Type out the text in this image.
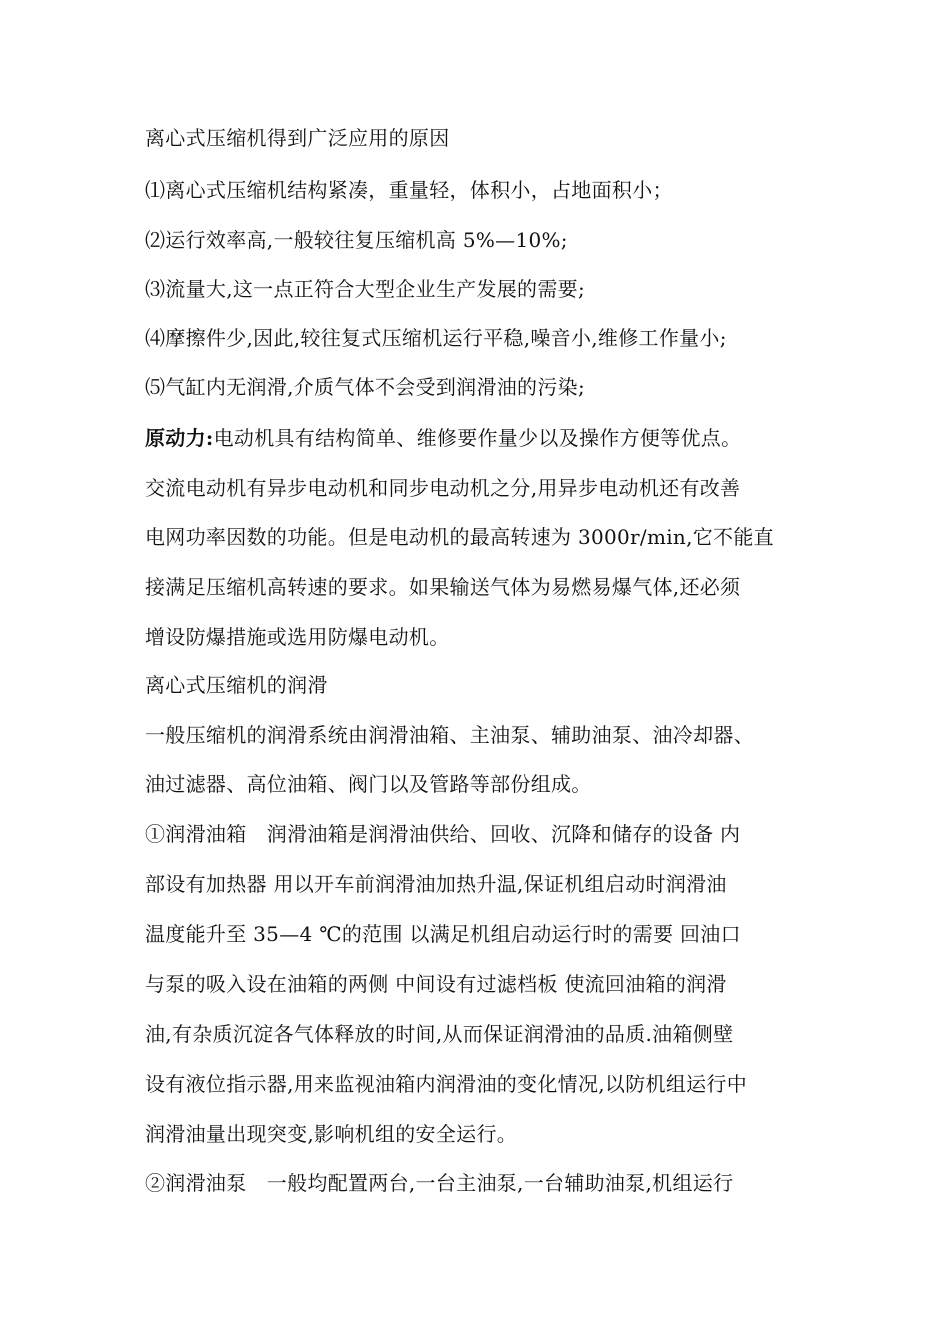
离心式压缩机得到广泛应用的原因
⑴离心式压缩机结构紧凑，重量轻，体积小，占地面积小；
⑵运行效率高,一般较往复压缩机高 5%—10%;
⑶流量大,这一点正符合大型企业生产发展的需要;
⑷摩擦件少,因此,较往复式压缩机运行平稳,噪音小,维修工作量小;
⑸气缸内无润滑,介质气体不会受到润滑油的污染;
原动力:电动机具有结构简单、维修要作量少以及操作方便等优点。
交流电动机有异步电动机和同步电动机之分,用异步电动机还有改善
电网功率因数的功能。但是电动机的最高转速为 3000r/min,它不能直
接满足压缩机高转速的要求。如果输送气体为易燃易爆气体,还必须
增设防爆措施或选用防爆电动机。
离心式压缩机的润滑
一般压缩机的润滑系统由润滑油箱、主油泵、辅助油泵、油冷却器、
油过滤器、高位油箱、阀门以及管路等部份组成。
①润滑油箱　润滑油箱是润滑油供给、回收、沉降和储存的设备 内
部设有加热器 用以开车前润滑油加热升温,保证机组启动时润滑油
温度能升至 35—4 ℃的范围 以满足机组启动运行时的需要 回油口
与泵的吸入设在油箱的两侧 中间设有过滤档板 使流回油箱的润滑
油,有杂质沉淀各气体释放的时间,从而保证润滑油的品质.油箱侧壁
设有液位指示器,用来监视油箱内润滑油的变化情况,以防机组运行中
润滑油量出现突变,影响机组的安全运行。
②润滑油泵　一般均配置两台,一台主油泵,一台辅助油泵,机组运行
